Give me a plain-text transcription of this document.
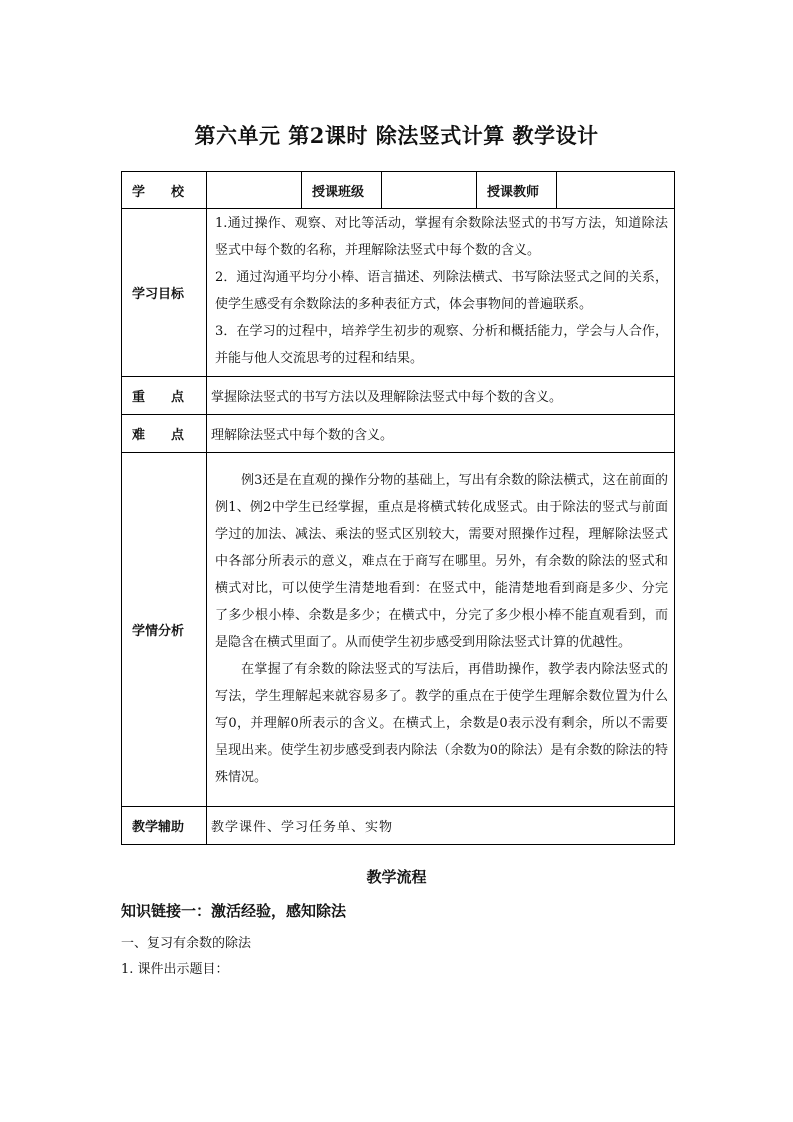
第六单元 第2课时 除法竖式计算 教学设计
学　　校		授课班级		授课教师	
学习目标	1.通过操作、观察、对比等活动，掌握有余数除法竖式的书写方法，知道除法竖式中每个数的名称，并理解除法竖式中每个数的含义。

2．通过沟通平均分小棒、语言描述、列除法横式、书写除法竖式之间的关系，使学生感受有余数除法的多种表征方式，体会事物间的普遍联系。

3．在学习的过程中，培养学生初步的观察、分析和概括能力，学会与人合作，并能与他人交流思考的过程和结果。				

重　　点	掌握除法竖式的书写方法以及理解除法竖式中每个数的含义。				
难　　点	理解除法竖式中每个数的含义。				
学情分析	例3还是在直观的操作分物的基础上，写出有余数的除法横式，这在前面的例1、例2中学生已经掌握，重点是将横式转化成竖式。由于除法的竖式与前面学过的加法、减法、乘法的竖式区别较大，需要对照操作过程，理解除法竖式中各部分所表示的意义，难点在于商写在哪里。另外，有余数的除法的竖式和横式对比，可以使学生清楚地看到：在竖式中，能清楚地看到商是多少、分完了多少根小棒、余数是多少；在横式中，分完了多少根小棒不能直观看到，而是隐含在横式里面了。从而使学生初步感受到用除法竖式计算的优越性。

在掌握了有余数的除法竖式的写法后，再借助操作，教学表内除法竖式的写法，学生理解起来就容易多了。教学的重点在于使学生理解余数位置为什么写0，并理解0所表示的含义。在横式上，余数是0表示没有剩余，所以不需要呈现出来。使学生初步感受到表内除法（余数为0的除法）是有余数的除法的特殊情况。				

教学辅助	教学课件、学习任务单、实物				
教学流程
知识链接一：激活经验，感知除法
一、复习有余数的除法
1. 课件出示题目：
